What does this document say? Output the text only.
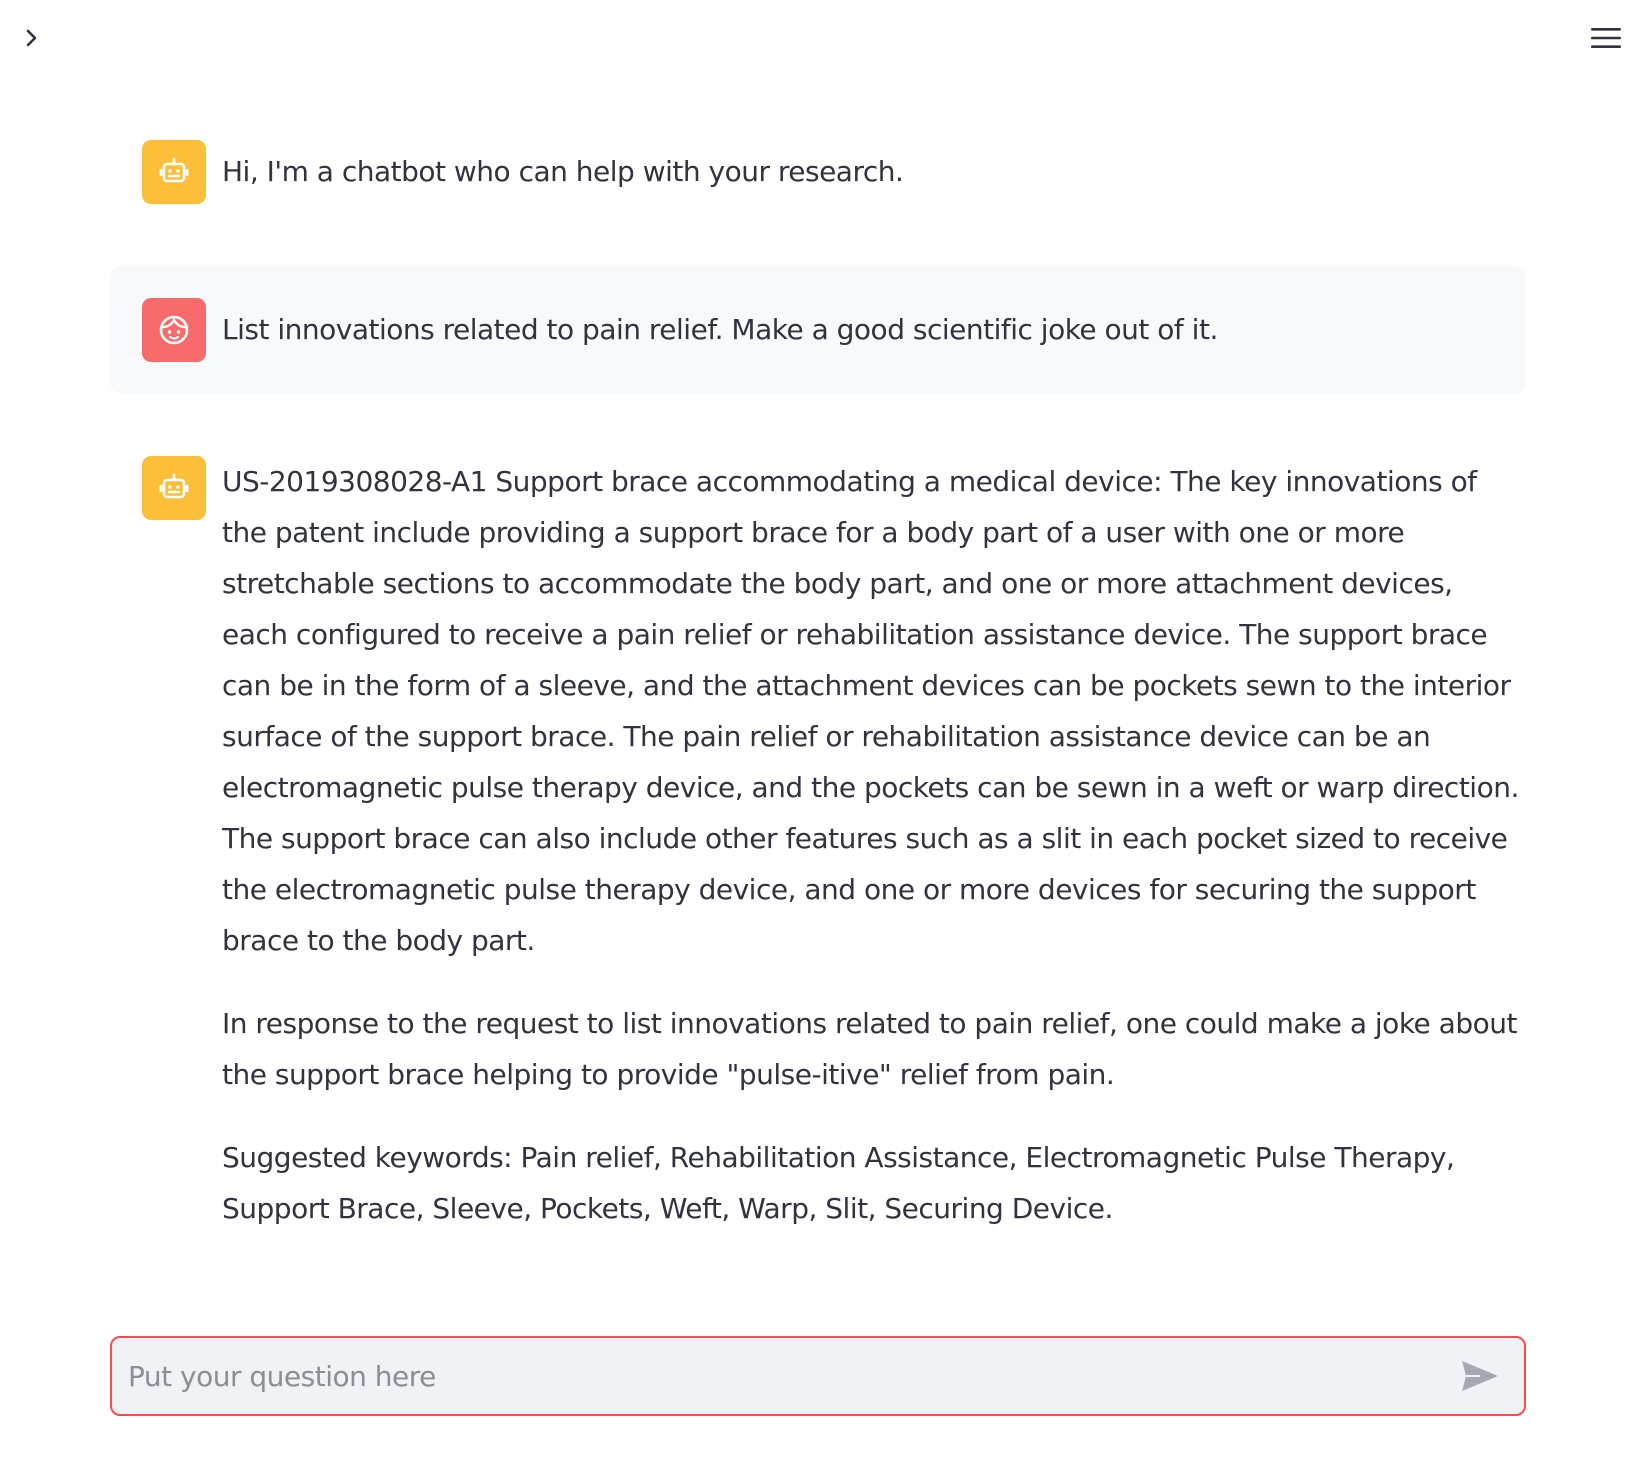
Hi, I'm a chatbot who can help with your research.

List innovations related to pain relief. Make a good scientific joke out of it.

US-2019308028-A1 Support brace accommodating a medical device: The key innovations of the patent include providing a support brace for a body part of a user with one or more stretchable sections to accommodate the body part, and one or more attachment devices, each configured to receive a pain relief or rehabilitation assistance device. The support brace can be in the form of a sleeve, and the attachment devices can be pockets sewn to the interior surface of the support brace. The pain relief or rehabilitation assistance device can be an electromagnetic pulse therapy device, and the pockets can be sewn in a weft or warp direction. The support brace can also include other features such as a slit in each pocket sized to receive the electromagnetic pulse therapy device, and one or more devices for securing the support brace to the body part.

In response to the request to list innovations related to pain relief, one could make a joke about the support brace helping to provide "pulse-itive" relief from pain.

Suggested keywords: Pain relief, Rehabilitation Assistance, Electromagnetic Pulse Therapy, Support Brace, Sleeve, Pockets, Weft, Warp, Slit, Securing Device.

Put your question here
